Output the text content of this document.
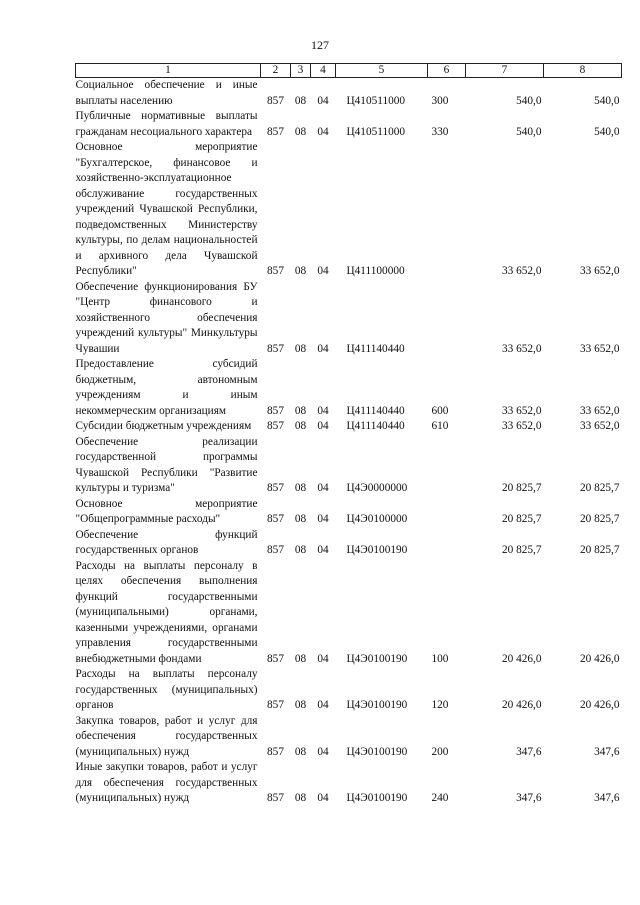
127
1	2	3	4	5	6	7	8
Социальное обеспечение и иные выплаты населению	857	08	04	Ц410511000	300	540,0	540,0
Публичные нормативные выплаты гражданам несоциального характера	857	08	04	Ц410511000	330	540,0	540,0
Основное мероприятие "Бухгалтерское, финансовое и хозяйственно-эксплуатационное обслуживание государственных учреждений Чувашской Республики, подведомственных Министерству культуры, по делам национальностей и архивного дела Чувашской Республики"	857	08	04	Ц411100000		33 652,0	33 652,0
Обеспечение функционирования БУ "Центр финансового и хозяйственного обеспечения учреждений культуры" Минкультуры Чувашии	857	08	04	Ц411140440		33 652,0	33 652,0
Предоставление субсидий бюджетным, автономным учреждениям и иным некоммерческим организациям	857	08	04	Ц411140440	600	33 652,0	33 652,0
Субсидии бюджетным учреждениям	857	08	04	Ц411140440	610	33 652,0	33 652,0
Обеспечение реализации государственной программы Чувашской Республики "Развитие культуры и туризма"	857	08	04	Ц4Э0000000		20 825,7	20 825,7
Основное мероприятие "Общепрограммные расходы"	857	08	04	Ц4Э0100000		20 825,7	20 825,7
Обеспечение функций государственных органов	857	08	04	Ц4Э0100190		20 825,7	20 825,7
Расходы на выплаты персоналу в целях обеспечения выполнения функций государственными (муниципальными) органами, казенными учреждениями, органами управления государственными внебюджетными фондами	857	08	04	Ц4Э0100190	100	20 426,0	20 426,0
Расходы на выплаты персоналу государственных (муниципальных) органов	857	08	04	Ц4Э0100190	120	20 426,0	20 426,0
Закупка товаров, работ и услуг для обеспечения государственных (муниципальных) нужд	857	08	04	Ц4Э0100190	200	347,6	347,6
Иные закупки товаров, работ и услуг для обеспечения государственных (муниципальных) нужд	857	08	04	Ц4Э0100190	240	347,6	347,6
